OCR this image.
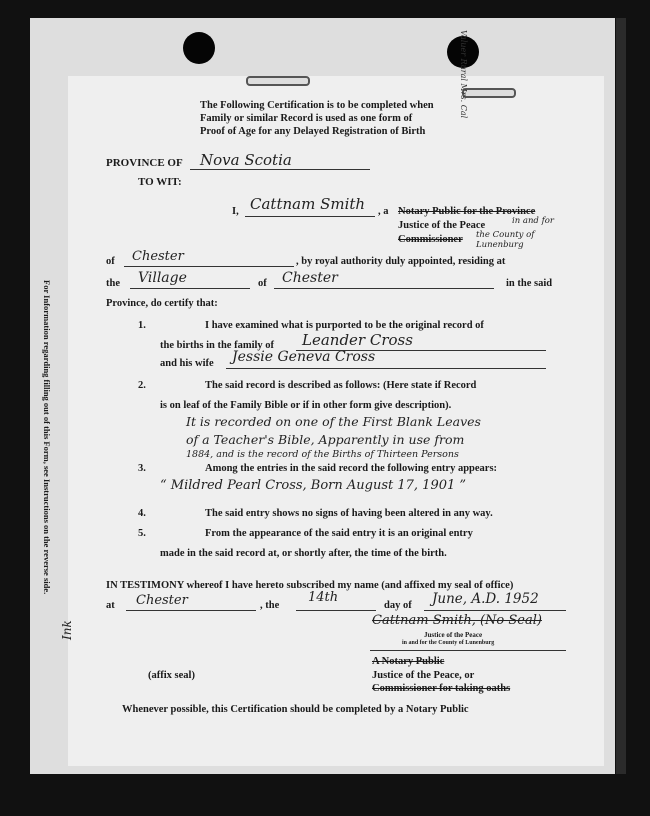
Valuer Rural Mrs. Cal
For Information regarding filling out of this Form, see Instructions on the reverse side.
Ink
The Following Certification is to be completed when
Family or similar Record is used as one form of
Proof of Age for any Delayed Registration of Birth
PROVINCE OF Nova Scotia
TO WIT:
I, Cattnam Smith , a Notary Public for the Province
Justice of the Peace	in and for
Commissioner the County of Lunenburg
of Chester	, by royal authority duly appointed, residing at
the Village	of Chester	in the said
Province, do certify that:
1.	I have examined what is purported to be the original record of
the births in the family of Leander Cross
and his wife Jessie Geneva Cross
2.	The said record is described as follows: (Here state if Record
is on leaf of the Family Bible or if in other form give description).
It is recorded on one of the First Blank Leaves
of a Teacher's Bible, Apparently in use from
1884, and is the record of the Births of Thirteen Persons
3.	Among the entries in the said record the following entry appears:
“ Mildred Pearl Cross, Born August 17, 1901 ”
4.	The said entry shows no signs of having been altered in any way.
5.	From the appearance of the said entry it is an original entry
made in the said record at, or shortly after, the time of the birth.
IN TESTIMONY whereof I have hereto subscribed my name (and affixed my seal of office)
at Chester	, the
14th
day of June, A.D. 1952
Cattnam Smith, (No Seal)
Justice of the Peace
in and for the County of Lunenburg
A Notary Public
Justice of the Peace, or
Commissioner for taking oaths
(affix seal)
Whenever possible, this Certification should be completed by a Notary Public
